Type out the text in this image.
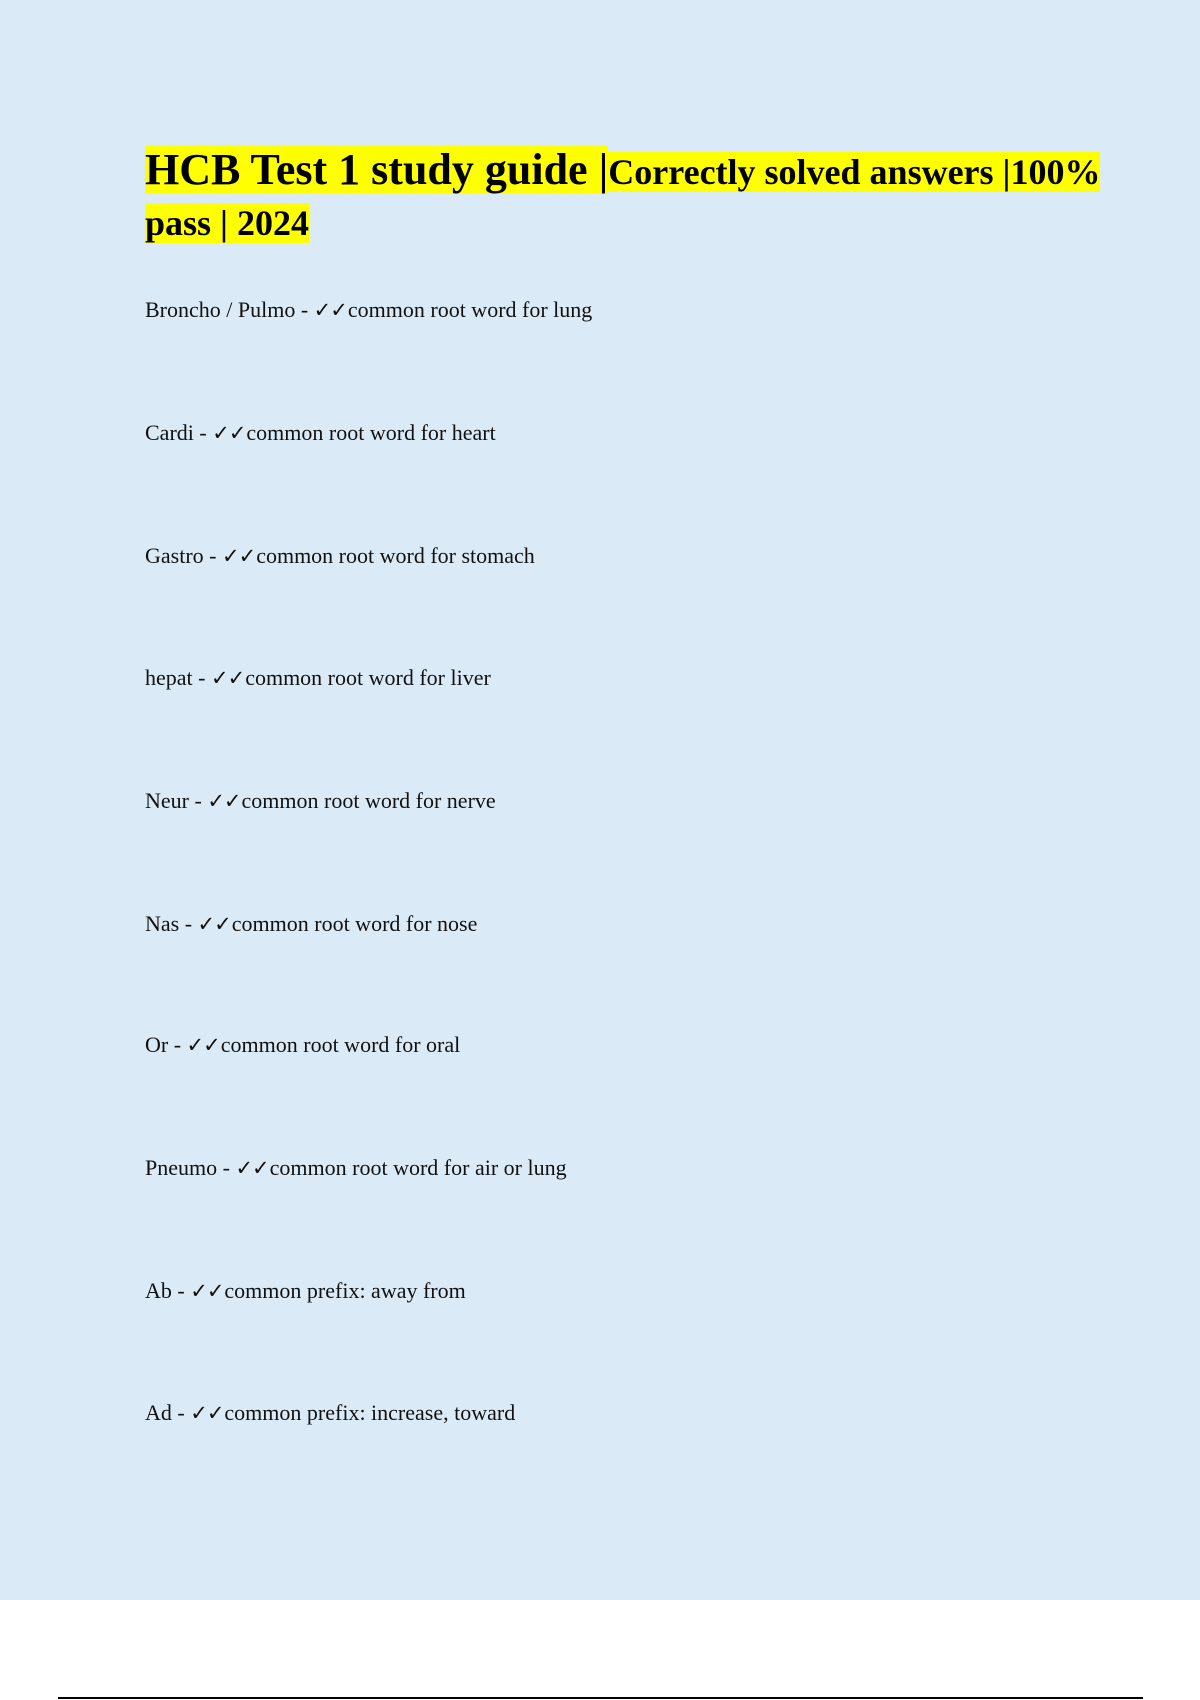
HCB Test 1 study guide |Correctly solved answers |100% pass | 2024
Broncho / Pulmo - ✓✓common root word for lung
Cardi - ✓✓common root word for heart
Gastro - ✓✓common root word for stomach
hepat - ✓✓common root word for liver
Neur - ✓✓common root word for nerve
Nas - ✓✓common root word for nose
Or - ✓✓common root word for oral
Pneumo - ✓✓common root word for air or lung
Ab - ✓✓common prefix: away from
Ad - ✓✓common prefix: increase, toward
